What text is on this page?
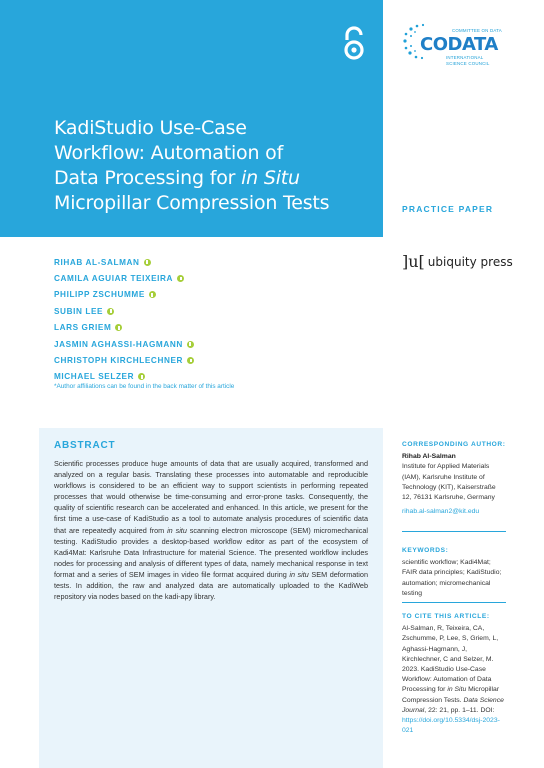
KadiStudio Use-Case
Workflow: Automation of
Data Processing for in Situ
Micropillar Compression Tests
CODATA
COMMITTEE ON DATA
INTERNATIONAL
SCIENCE COUNCIL
PRACTICE PAPER
]u[ ubiquity press
RIHAB AL-SALMAN
CAMILA AGUIAR TEIXEIRA
PHILIPP ZSCHUMME
SUBIN LEE
LARS GRIEM
JASMIN AGHASSI-HAGMANN
CHRISTOPH KIRCHLECHNER
MICHAEL SELZER
*Author affiliations can be found in the back matter of this article
ABSTRACT

Scientific processes produce huge amounts of data that are usually acquired, transformed and analyzed on a regular basis. Translating these processes into automatable and reproducible workflows is considered to be an efficient way to support scientists in performing repeated processes that would otherwise be time-consuming and error-prone tasks. Consequently, the quality of scientific research can be accelerated and enhanced. In this article, we present for the first time a use-case of KadiStudio as a tool to automate analysis procedures of scientific data that are repeatedly acquired from in situ scanning electron microscope (SEM) micromechanical testing. KadiStudio provides a desktop-based workflow editor as part of the ecosystem of Kadi4Mat: Karlsruhe Data Infrastructure for material Science. The presented workflow includes nodes for processing and analysis of different types of data, namely mechanical response in text format and a series of SEM images in video file format acquired during in situ SEM deformation tests. In addition, the raw and analyzed data are automatically uploaded to the KadiWeb repository via nodes based on the kadi-apy library.

CORRESPONDING AUTHOR:
Rihab Al-Salman
Institute for Applied Materials (IAM), Karlsruhe Institute of Technology (KIT), Kaiserstraße 12, 76131 Karlsruhe, Germany
rihab.al-salman2@kit.edu
KEYWORDS:
scientific workflow; Kadi4Mat; FAIR data principles; KadiStudio; automation; micromechanical testing
TO CITE THIS ARTICLE:
Al-Salman, R, Teixeira, CA, Zschumme, P, Lee, S, Griem, L, Aghassi-Hagmann, J, Kirchlechner, C and Selzer, M. 2023. KadiStudio Use-Case Workflow: Automation of Data Processing for in Situ Micropillar Compression Tests. Data Science Journal, 22: 21, pp. 1–11. DOI: https://doi.org/10.5334/dsj-2023-021
